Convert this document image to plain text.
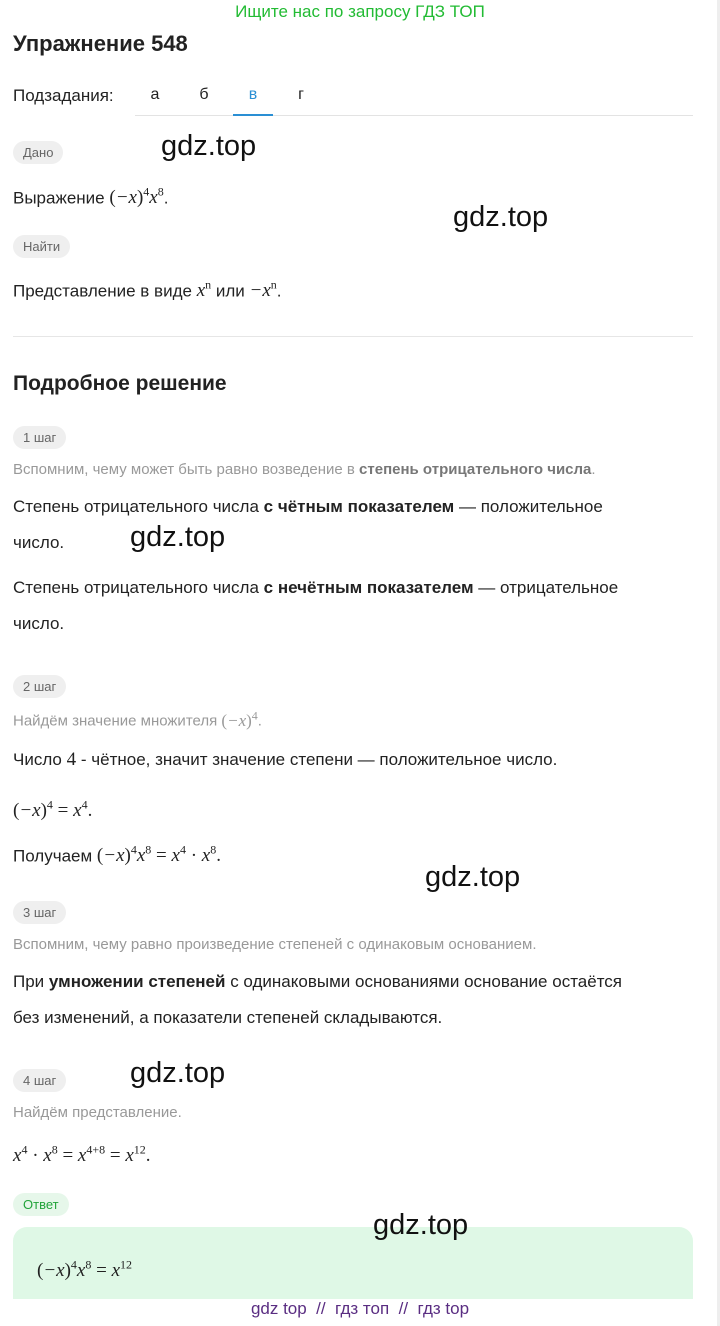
Ищите нас по запросу ГДЗ ТОП
Упражнение 548
Подзадания:	а	б	в	г
Дано
Выражение $(-x)^4x^8$.
Найти
Представление в виде $x^n$ или $-x^n$.
Подробное решение
1 шаг
Вспомним, чему может быть равно возведение в степень отрицательного числа.
Степень отрицательного числа с чётным показателем — положительное
число.
Степень отрицательного числа с нечётным показателем — отрицательное
число.
2 шаг
Найдём значение множителя $(-x)^4$.
Число 4 - чётное, значит значение степени — положительное число.
$(-x)^4 = x^4$.
Получаем $(-x)^4x^8 = x^4 \cdot x^8$.
3 шаг
Вспомним, чему равно произведение степеней с одинаковым основанием.
При умножении степеней с одинаковыми основаниями основание остаётся
без изменений, а показатели степеней складываются.
4 шаг
Найдём представление.
$x^4 \cdot x^8 = x^{4+8} = x^{12}$.
Ответ
$(-x)^4x^8 = x^{12}$
gdz.top
gdz.top
gdz.top
gdz.top
gdz.top
gdz.top
gdz top  //  гдз топ  //  гдз top
